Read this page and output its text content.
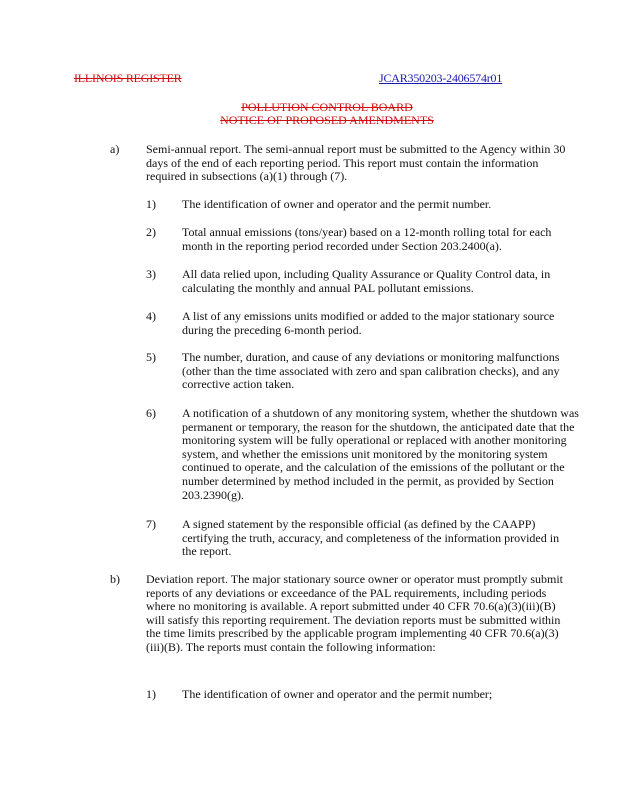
ILLINOIS REGISTER	JCAR350203-2406574r01
POLLUTION CONTROL BOARD
NOTICE OF PROPOSED AMENDMENTS
a) Semi-annual report. The semi-annual report must be submitted to the Agency within 30 days of the end of each reporting period. This report must contain the information required in subsections (a)(1) through (7).
1) The identification of owner and operator and the permit number.
2) Total annual emissions (tons/year) based on a 12-month rolling total for each month in the reporting period recorded under Section 203.2400(a).
3) All data relied upon, including Quality Assurance or Quality Control data, in calculating the monthly and annual PAL pollutant emissions.
4) A list of any emissions units modified or added to the major stationary source during the preceding 6-month period.
5) The number, duration, and cause of any deviations or monitoring malfunctions (other than the time associated with zero and span calibration checks), and any corrective action taken.
6) A notification of a shutdown of any monitoring system, whether the shutdown was permanent or temporary, the reason for the shutdown, the anticipated date that the monitoring system will be fully operational or replaced with another monitoring system, and whether the emissions unit monitored by the monitoring system continued to operate, and the calculation of the emissions of the pollutant or the number determined by method included in the permit, as provided by Section 203.2390(g).
7) A signed statement by the responsible official (as defined by the CAAPP) certifying the truth, accuracy, and completeness of the information provided in the report.
b) Deviation report. The major stationary source owner or operator must promptly submit reports of any deviations or exceedance of the PAL requirements, including periods where no monitoring is available. A report submitted under 40 CFR 70.6(a)(3)(iii)(B) will satisfy this reporting requirement. The deviation reports must be submitted within the time limits prescribed by the applicable program implementing 40 CFR 70.6(a)(3)(iii)(B). The reports must contain the following information:
1) The identification of owner and operator and the permit number;
